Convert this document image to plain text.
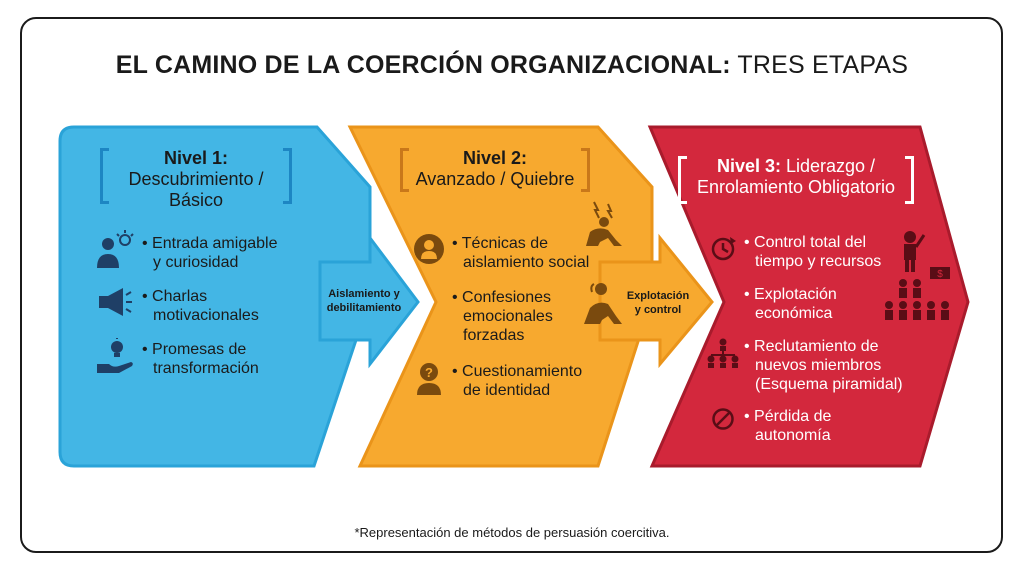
EL CAMINO DE LA COERCIÓN ORGANIZACIONAL: TRES ETAPAS
Nivel 1:
Descubrimiento /
Básico
Nivel 2:
Avanzado / Quiebre
Nivel 3: Liderazgo /
Enrolamiento Obligatorio
• Entrada amigable
y curiosidad
• Charlas
motivacionales
• Promesas de
transformación
• Técnicas de
aislamiento social
• Confesiones
emocionales
forzadas
? • Cuestionamiento
de identidad
• Control total del
tiempo y recursos
$
• Explotación
económica
• Reclutamiento de
nuevos miembros
(Esquema piramidal)
• Pérdida de
autonomía
Aislamiento y
debilitamiento
Explotación
y control
*Representación de métodos de persuasión coercitiva.
